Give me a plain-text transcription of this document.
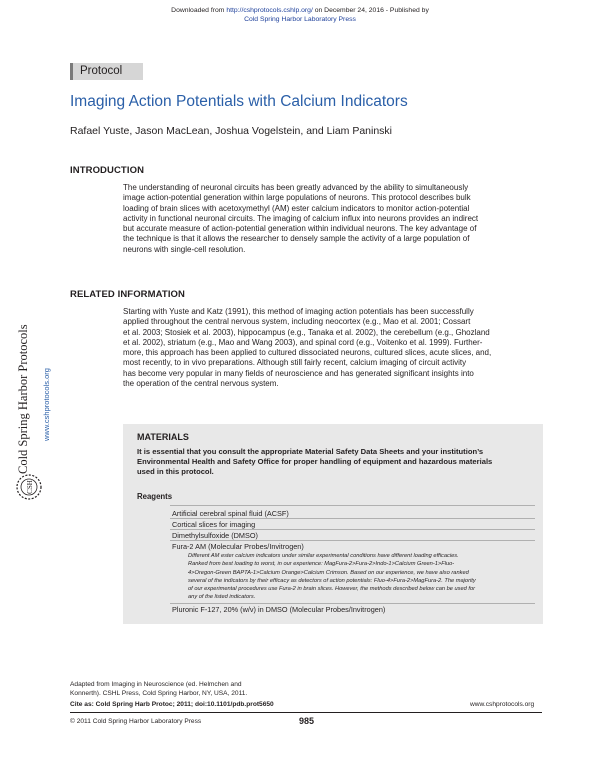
Downloaded from http://cshprotocols.cshlp.org/ on December 24, 2016 - Published by
Cold Spring Harbor Laboratory Press
Cold Spring Harbor Protocols www.cshprotocols.org
CSH
Protocol
Imaging Action Potentials with Calcium Indicators
Rafael Yuste, Jason MacLean, Joshua Vogelstein, and Liam Paninski
INTRODUCTION
The understanding of neuronal circuits has been greatly advanced by the ability to simultaneously
image action-potential generation within large populations of neurons. This protocol describes bulk
loading of brain slices with acetoxymethyl (AM) ester calcium indicators to monitor action-potential
activity in functional neuronal circuits. The imaging of calcium influx into neurons provides an indirect
but accurate measure of action-potential generation within individual neurons. The key advantage of
the technique is that it allows the researcher to densely sample the activity of a large population of
neurons with single-cell resolution.
RELATED INFORMATION
Starting with Yuste and Katz (1991), this method of imaging action potentials has been successfully
applied throughout the central nervous system, including neocortex (e.g., Mao et al. 2001; Cossart
et al. 2003; Stosiek et al. 2003), hippocampus (e.g., Tanaka et al. 2002), the cerebellum (e.g., Ghozland
et al. 2002), striatum (e.g., Mao and Wang 2003), and spinal cord (e.g., Voitenko et al. 1999). Further-
more, this approach has been applied to cultured dissociated neurons, cultured slices, acute slices, and,
most recently, to in vivo preparations. Although still fairly recent, calcium imaging of circuit activity
has become very popular in many fields of neuroscience and has generated significant insights into
the operation of the central nervous system.
MATERIALS
It is essential that you consult the appropriate Material Safety Data Sheets and your institution’s
Environmental Health and Safety Office for proper handling of equipment and hazardous materials
used in this protocol.
Reagents
Artificial cerebral spinal fluid (ACSF)
Cortical slices for imaging
Dimethylsulfoxide (DMSO)
Fura-2 AM (Molecular Probes/Invitrogen)
Different AM ester calcium indicators under similar experimental conditions have different loading efficacies.
Ranked from best loading to worst, in our experience: MagFura-2>Fura-2>Indo-1>Calcium Green-1>Fluo-
4>Oregon-Green BAPTA-1>Calcium Orange>Calcium Crimson. Based on our experience, we have also ranked
several of the indicators by their efficacy as detectors of action potentials: Fluo-4>Fura-2>MagFura-2. The majority
of our experimental procedures use Fura-2 in brain slices. However, the methods described below can be used for
any of the listed indicators.
Pluronic F-127, 20% (w/v) in DMSO (Molecular Probes/Invitrogen)
Adapted from Imaging in Neuroscience (ed. Helmchen and
Konnerth). CSHL Press, Cold Spring Harbor, NY, USA, 2011.
Cite as: Cold Spring Harb Protoc; 2011; doi:10.1101/pdb.prot5650	www.cshprotocols.org
© 2011 Cold Spring Harbor Laboratory Press	985
